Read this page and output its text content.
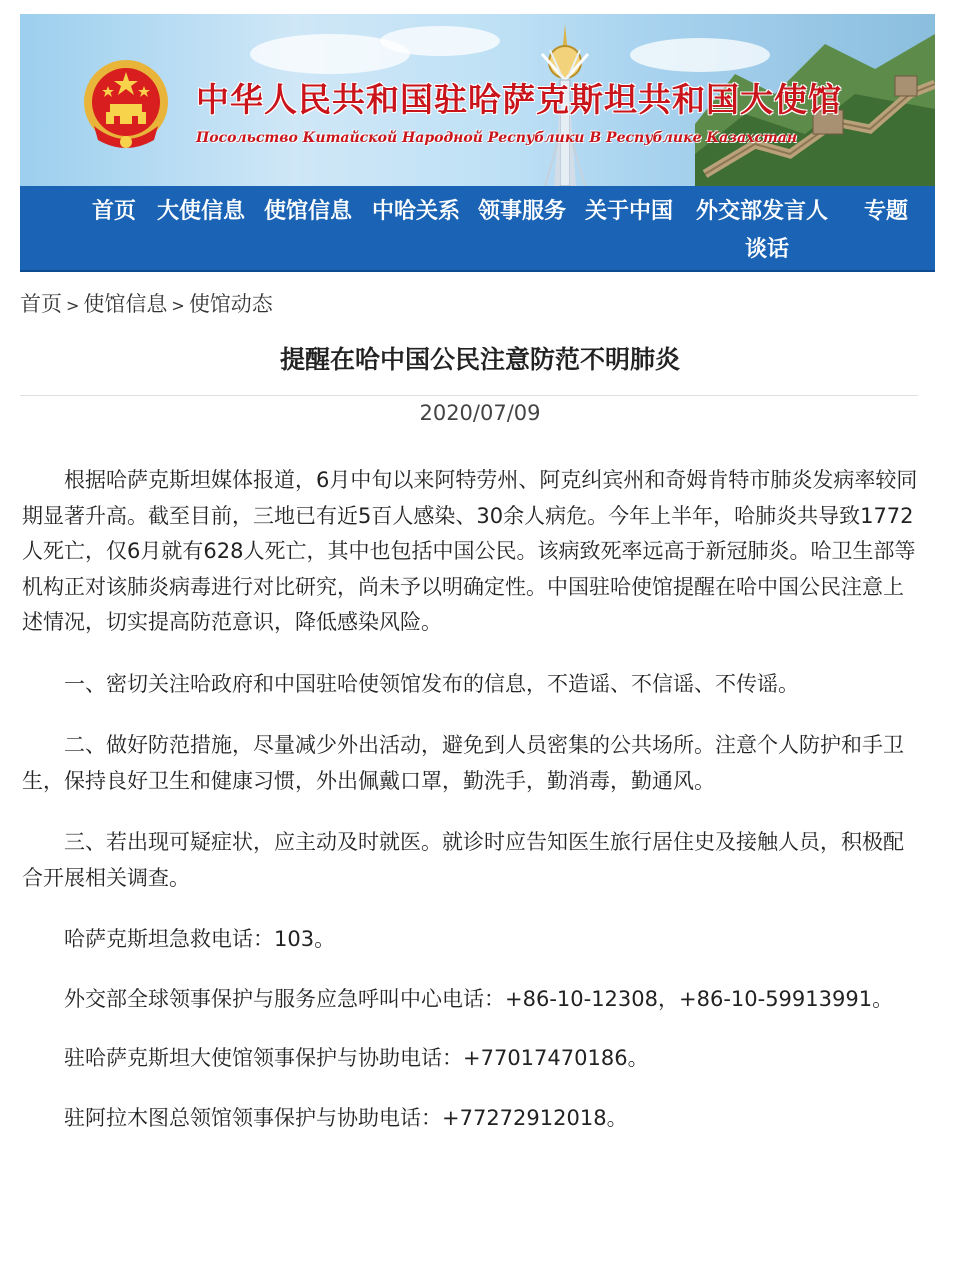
中华人民共和国驻哈萨克斯坦共和国大使馆
Посольство Китайской Народной Республики В Республике Казахстан
首页 大使信息 使馆信息 中哈关系 领事服务 关于中国 外交部发言人 专题
谈话
首页 > 使馆信息 > 使馆动态
提醒在哈中国公民注意防范不明肺炎
2020/07/09

根据哈萨克斯坦媒体报道，6月中旬以来阿特劳州、阿克纠宾州和奇姆肯特市肺炎发病率较同期显著升高。截至目前，三地已有近5百人感染、30余人病危。今年上半年，哈肺炎共导致1772人死亡，仅6月就有628人死亡，其中也包括中国公民。该病致死率远高于新冠肺炎。哈卫生部等机构正对该肺炎病毒进行对比研究，尚未予以明确定性。中国驻哈使馆提醒在哈中国公民注意上述情况，切实提高防范意识，降低感染风险。

一、密切关注哈政府和中国驻哈使领馆发布的信息，不造谣、不信谣、不传谣。

二、做好防范措施，尽量减少外出活动，避免到人员密集的公共场所。注意个人防护和手卫生，保持良好卫生和健康习惯，外出佩戴口罩，勤洗手，勤消毒，勤通风。

三、若出现可疑症状，应主动及时就医。就诊时应告知医生旅行居住史及接触人员，积极配合开展相关调查。

哈萨克斯坦急救电话：103。

外交部全球领事保护与服务应急呼叫中心电话：+86-10-12308，+86-10-59913991。

驻哈萨克斯坦大使馆领事保护与协助电话：+77017470186。

驻阿拉木图总领馆领事保护与协助电话：+77272912018。
